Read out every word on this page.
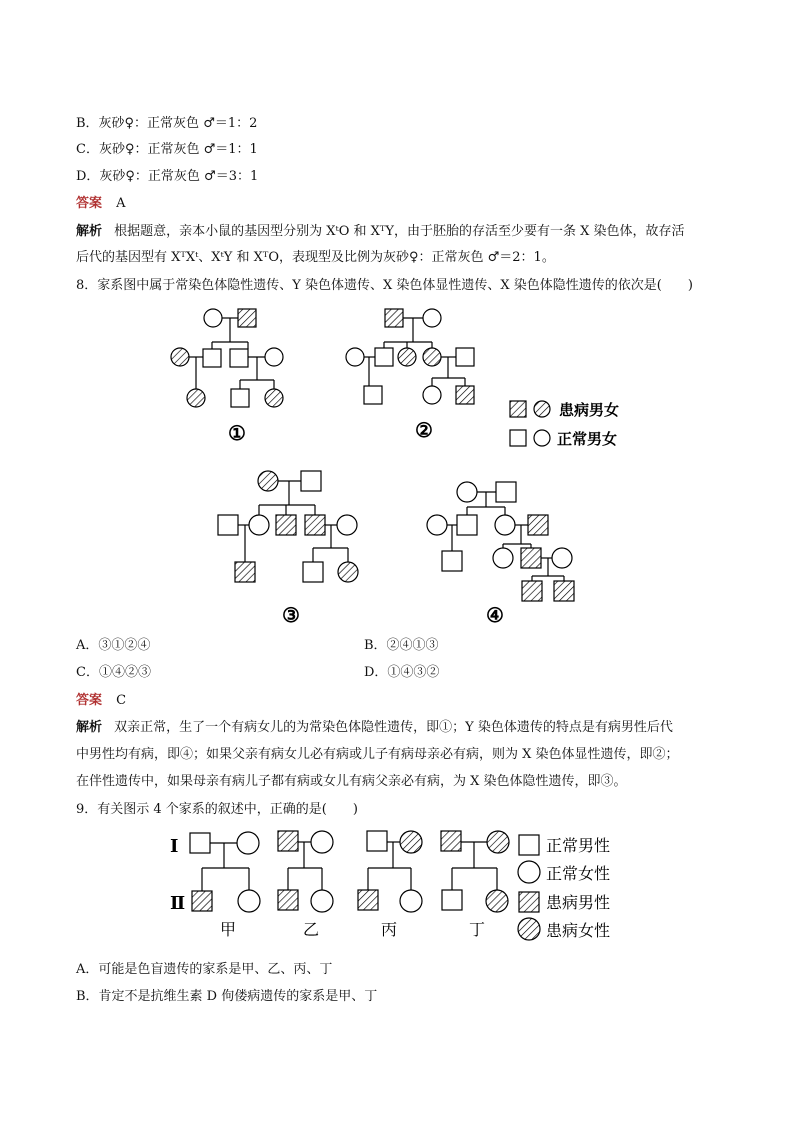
B．灰砂♀：正常灰色 ♂＝1：2
C．灰砂♀：正常灰色 ♂＝1：1
D．灰砂♀：正常灰色 ♂＝3：1
答案 A
解析 根据题意，亲本小鼠的基因型分别为 XᵗO 和 XᵀY，由于胚胎的存活至少要有一条 X 染色体，故存活
后代的基因型有 XᵀXᵗ、XᵗY 和 XᵀO，表现型及比例为灰砂♀：正常灰色 ♂＝2：1。
8．家系图中属于常染色体隐性遗传、Y 染色体遗传、X 染色体显性遗传、X 染色体隐性遗传的依次是(　　)
患病男女
正常男女
①	②
③	④
A．③①②④	B．②④①③
C．①④②③	D．①④③②
答案 C
解析 双亲正常，生了一个有病女儿的为常染色体隐性遗传，即①；Y 染色体遗传的特点是有病男性后代
中男性均有病，即④；如果父亲有病女儿必有病或儿子有病母亲必有病，则为 X 染色体显性遗传，即②；
在伴性遗传中，如果母亲有病儿子都有病或女儿有病父亲必有病，为 X 染色体隐性遗传，即③。
9．有关图示 4 个家系的叙述中，正确的是(　　)
Ⅰ
Ⅱ
甲	乙	丙	丁
正常男性
正常女性
患病男性
患病女性
A．可能是色盲遗传的家系是甲、乙、丙、丁
B．肯定不是抗维生素 D 佝偻病遗传的家系是甲、丁
